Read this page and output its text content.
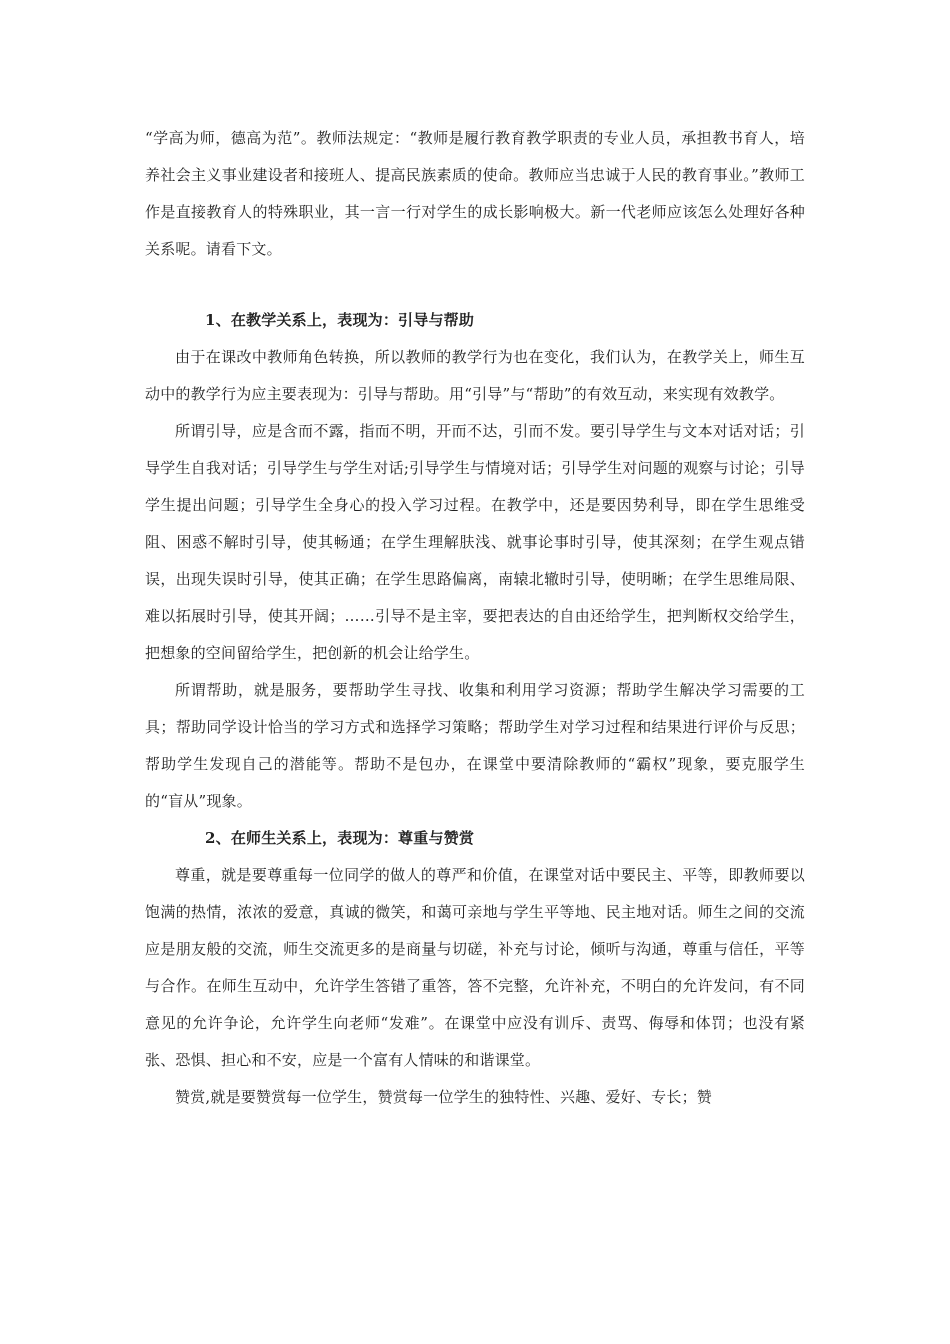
“学高为师，德高为范”。教师法规定：“教师是履行教育教学职责的专业人员，承担教书育人，培养社会主义事业建设者和接班人、提高民族素质的使命。教师应当忠诚于人民的教育事业。”教师工作是直接教育人的特殊职业，其一言一行对学生的成长影响极大。新一代老师应该怎么处理好各种关系呢。请看下文。

1、在教学关系上，表现为：引导与帮助

由于在课改中教师角色转换，所以教师的教学行为也在变化，我们认为，在教学关上，师生互动中的教学行为应主要表现为：引导与帮助。用“引导”与“帮助”的有效互动，来实现有效教学。

所谓引导，应是含而不露，指而不明，开而不达，引而不发。要引导学生与文本对话对话；引导学生自我对话；引导学生与学生对话;引导学生与情境对话；引导学生对问题的观察与讨论；引导学生提出问题；引导学生全身心的投入学习过程。在教学中，还是要因势利导，即在学生思维受阻、困惑不解时引导，使其畅通；在学生理解肤浅、就事论事时引导，使其深刻；在学生观点错误，出现失误时引导，使其正确；在学生思路偏离，南辕北辙时引导，使明晰；在学生思维局限、难以拓展时引导，使其开阔；……引导不是主宰，要把表达的自由还给学生，把判断权交给学生，把想象的空间留给学生，把创新的机会让给学生。

所谓帮助，就是服务，要帮助学生寻找、收集和利用学习资源；帮助学生解决学习需要的工具；帮助同学设计恰当的学习方式和选择学习策略；帮助学生对学习过程和结果进行评价与反思；帮助学生发现自己的潜能等。帮助不是包办，在课堂中要清除教师的“霸权”现象，要克服学生的“盲从”现象。

2、在师生关系上，表现为：尊重与赞赏

尊重，就是要尊重每一位同学的做人的尊严和价值，在课堂对话中要民主、平等，即教师要以饱满的热情，浓浓的爱意，真诚的微笑，和蔼可亲地与学生平等地、民主地对话。师生之间的交流应是朋友般的交流，师生交流更多的是商量与切磋，补充与讨论，倾听与沟通，尊重与信任，平等与合作。在师生互动中，允许学生答错了重答，答不完整，允许补充，不明白的允许发问，有不同意见的允许争论，允许学生向老师“发难”。在课堂中应没有训斥、责骂、侮辱和体罚；也没有紧张、恐惧、担心和不安，应是一个富有人情味的和谐课堂。

赞赏,就是要赞赏每一位学生，赞赏每一位学生的独特性、兴趣、爱好、专长；赞
